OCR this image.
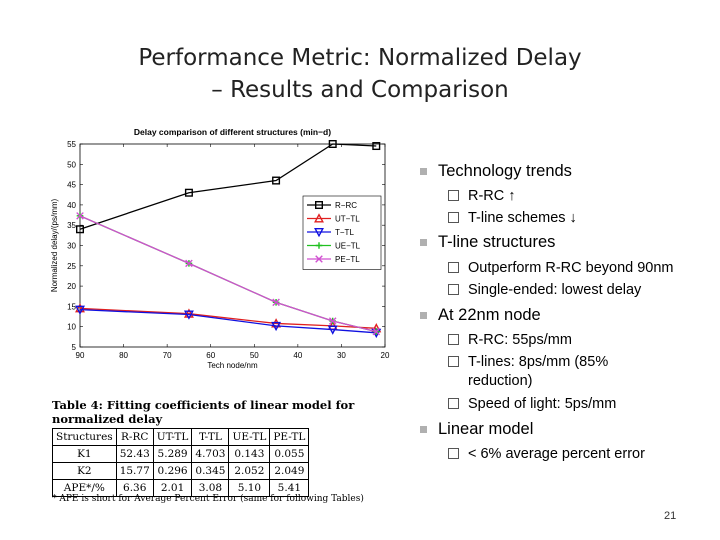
Performance Metric: Normalized Delay
– Results and Comparison
Delay comparison of different structures (min−d)
5
10
15
20
25
30
35
40
45
50
55
90	80	70	60	50	40	30	20
Tech node/nm
Normalized delay/(ps/mm)	R−RC
UT−TL
T−TL
UE−TL
PE−TL
Technology trends
R-RC ↑
T-line schemes ↓
T-line structures
Outperform R-RC beyond 90nm
Single-ended: lowest delay
At 22nm node
R-RC: 55ps/mm
T-lines: 8ps/mm (85%
reduction)
Speed of light: 5ps/mm
Linear model
< 6% average percent error
Table 4: Fitting coefficients of linear model for normalized delay
Structures	R-RC	UT-TL	T-TL	UE-TL	PE-TL
K1	52.43	5.289	4.703	0.143	0.055
K2	15.77	0.296	0.345	2.052	2.049
APE*/%	6.36	2.01	3.08	5.10	5.41
* APE is short for Average Percent Error (same for following Tables)
21
